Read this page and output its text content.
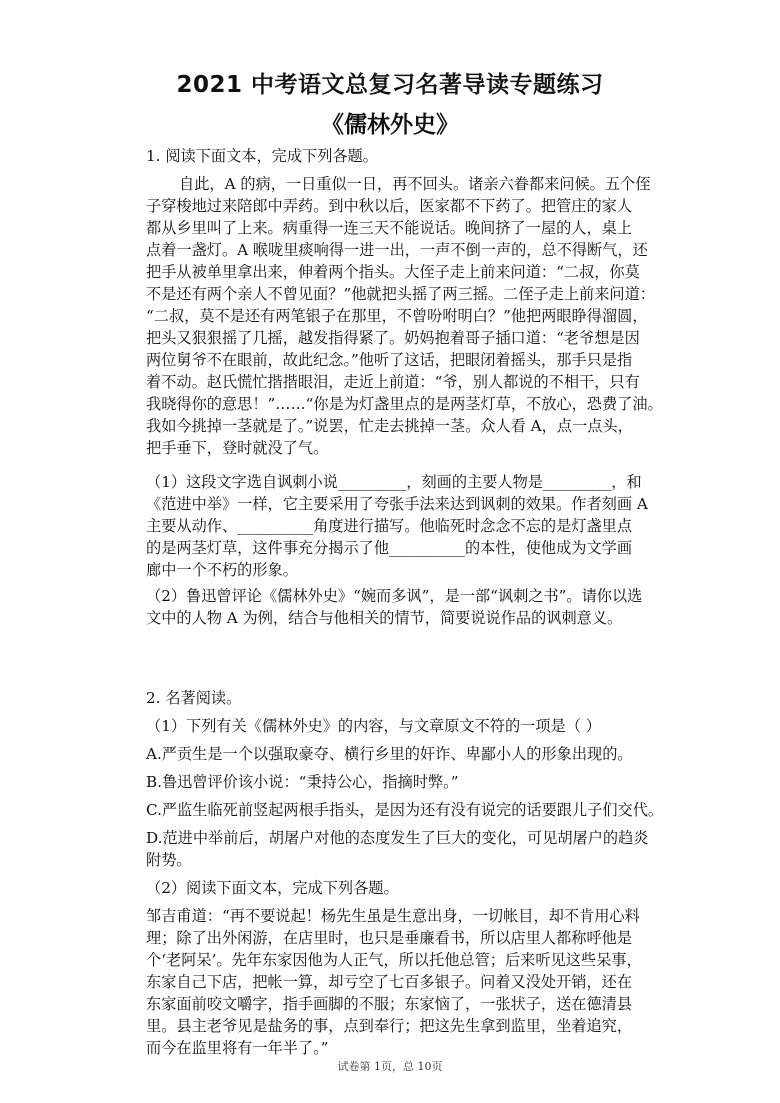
2021 中考语文总复习名著导读专题练习
《儒林外史》
1. 阅读下面文本，完成下列各题。
自此，A 的病，一日重似一日，再不回头。诸亲六眷都来问候。五个侄
子穿梭地过来陪郎中弄药。到中秋以后，医家都不下药了。把管庄的家人
都从乡里叫了上来。病重得一连三天不能说话。晚间挤了一屋的人，桌上
点着一盏灯。A 喉咙里痰响得一进一出，一声不倒一声的，总不得断气，还
把手从被单里拿出来，伸着两个指头。大侄子走上前来问道：“二叔，你莫
不是还有两个亲人不曾见面？”他就把头摇了两三摇。二侄子走上前来问道：
“二叔，莫不是还有两笔银子在那里，不曾吩咐明白？”他把两眼睁得溜圆，
把头又狠狠摇了几摇，越发指得紧了。奶妈抱着哥子插口道：“老爷想是因
两位舅爷不在眼前，故此纪念。”他听了这话，把眼闭着摇头，那手只是指
着不动。赵氏慌忙揩揩眼泪，走近上前道：“爷，别人都说的不相干，只有
我晓得你的意思！”……“你是为灯盏里点的是两茎灯草，不放心，恐费了油。
我如今挑掉一茎就是了。”说罢，忙走去挑掉一茎。众人看 A，点一点头，
把手垂下，登时就没了气。
（1）这段文字选自讽刺小说_________，刻画的主要人物是_________，和
《范进中举》一样，它主要采用了夸张手法来达到讽刺的效果。作者刻画 A
主要从动作、__________角度进行描写。他临死时念念不忘的是灯盏里点
的是两茎灯草，这件事充分揭示了他__________的本性，使他成为文学画
廊中一个不朽的形象。
（2）鲁迅曾评论《儒林外史》“婉而多讽”，是一部“讽刺之书”。请你以选
文中的人物 A 为例，结合与他相关的情节，简要说说作品的讽刺意义。
2. 名著阅读。
（1）下列有关《儒林外史》的内容，与文章原文不符的一项是（ ）
A.严贡生是一个以强取豪夺、横行乡里的奸诈、卑鄙小人的形象出现的。
B.鲁迅曾评价该小说：“秉持公心，指摘时弊。”
C.严监生临死前竖起两根手指头，是因为还有没有说完的话要跟儿子们交代。
D.范进中举前后，胡屠户对他的态度发生了巨大的变化，可见胡屠户的趋炎
附势。
（2）阅读下面文本，完成下列各题。
邹吉甫道：“再不要说起！杨先生虽是生意出身，一切帐目，却不肯用心料
理；除了出外闲游，在店里时，也只是垂廉看书，所以店里人都称呼他是
个‘老阿呆’。先年东家因他为人正气，所以托他总管；后来听见这些呆事，
东家自己下店，把帐一算，却亏空了七百多银子。问着又没处开销，还在
东家面前咬文嚼字，指手画脚的不服；东家恼了，一张状子，送在德清县
里。县主老爷见是盐务的事，点到奉行；把这先生拿到监里，坐着追究，
而今在监里将有一年半了。”
试卷第 1页，总 10页
